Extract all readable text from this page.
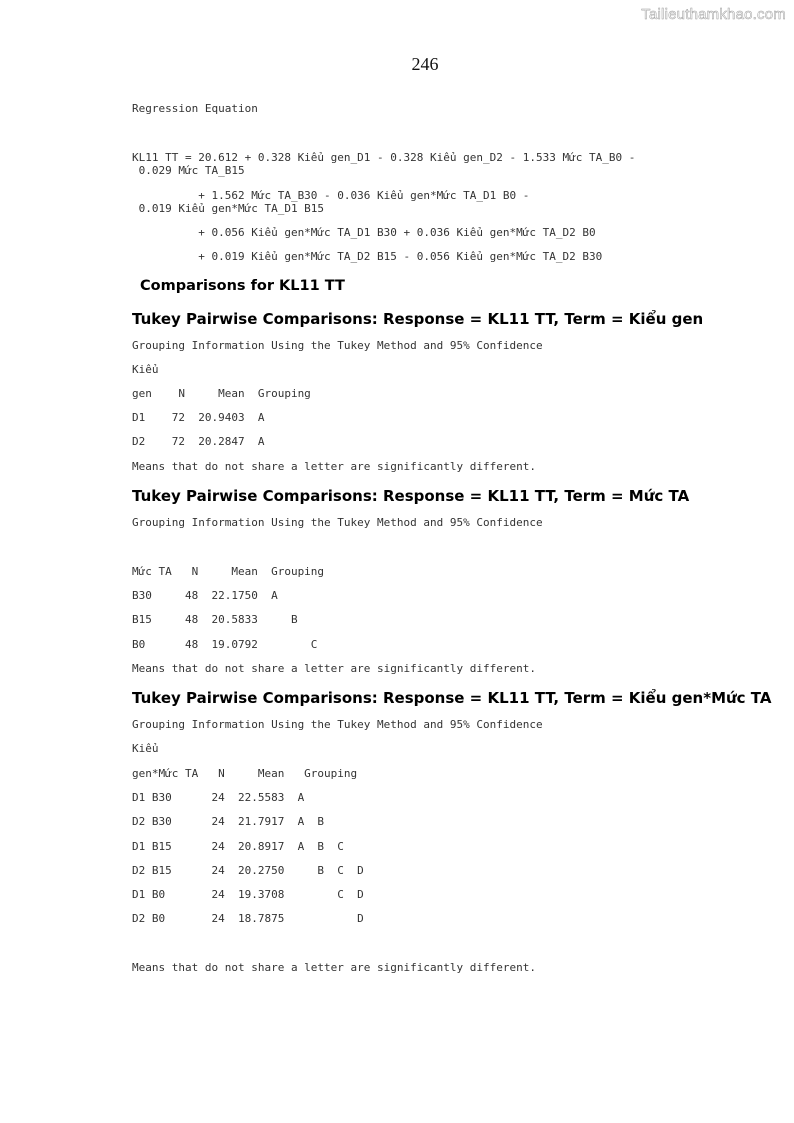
Tailieuthamkhao.com
246
Regression Equation
KL11 TT = 20.612 + 0.328 Kiểu gen_D1 - 0.328 Kiểu gen_D2 - 1.533 Mức TA_B0 -
0.029 Mức TA_B15
+ 1.562 Mức TA_B30 - 0.036 Kiểu gen*Mức TA_D1 B0 -
0.019 Kiểu gen*Mức TA_D1 B15
+ 0.056 Kiểu gen*Mức TA_D1 B30 + 0.036 Kiểu gen*Mức TA_D2 B0
+ 0.019 Kiểu gen*Mức TA_D2 B15 - 0.056 Kiểu gen*Mức TA_D2 B30
Comparisons for KL11 TT
Tukey Pairwise Comparisons: Response = KL11 TT, Term = Kiểu gen
Grouping Information Using the Tukey Method and 95% Confidence
Kiểu
gen    N     Mean  Grouping
D1    72  20.9403  A
D2    72  20.2847  A
Means that do not share a letter are significantly different.
Tukey Pairwise Comparisons: Response = KL11 TT, Term = Mức TA
Grouping Information Using the Tukey Method and 95% Confidence
Mức TA   N     Mean  Grouping
B30     48  22.1750  A
B15     48  20.5833     B
B0      48  19.0792        C
Means that do not share a letter are significantly different.
Tukey Pairwise Comparisons: Response = KL11 TT, Term = Kiểu gen*Mức TA
Grouping Information Using the Tukey Method and 95% Confidence
Kiểu
gen*Mức TA   N     Mean   Grouping
D1 B30      24  22.5583  A
D2 B30      24  21.7917  A  B
D1 B15      24  20.8917  A  B  C
D2 B15      24  20.2750     B  C  D
D1 B0       24  19.3708        C  D
D2 B0       24  18.7875           D
Means that do not share a letter are significantly different.
